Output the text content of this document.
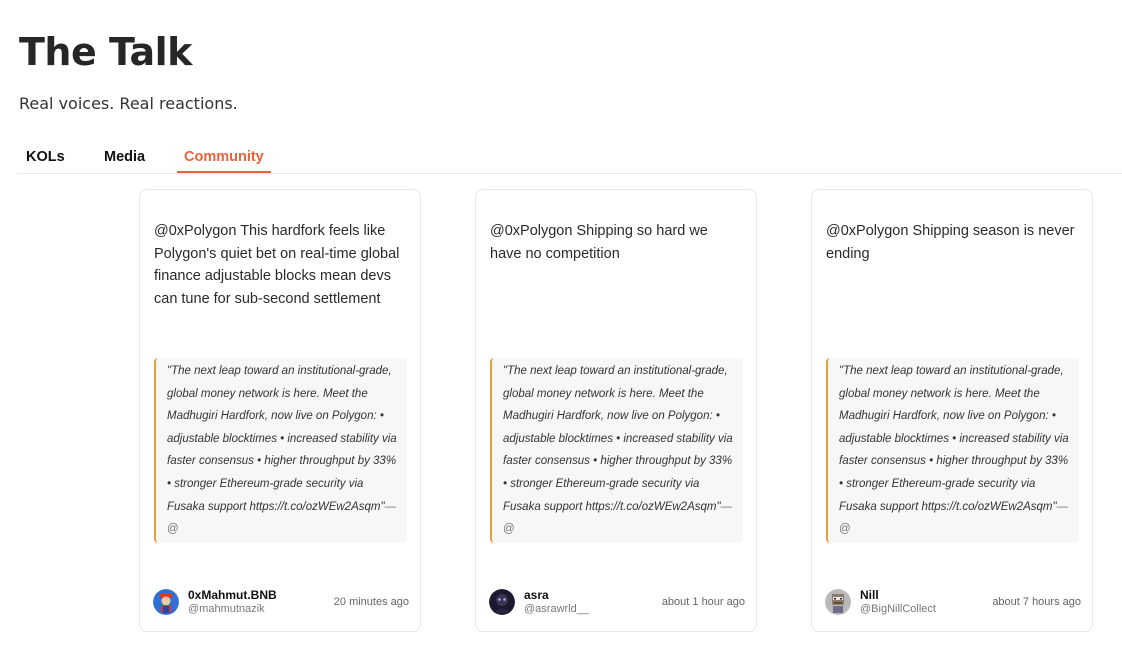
The Talk

Real voices. Real reactions.

KOLs	Media	Community
@0xPolygon This hardfork feels like Polygon's quiet bet on real-time global finance adjustable blocks mean devs can tune for sub-second settlement
"The next leap toward an institutional-grade, global money network is here. Meet the Madhugiri Hardfork, now live on Polygon: • adjustable blocktimes • increased stability via faster consensus • higher throughput by 33% • stronger Ethereum-grade security via Fusaka support https://t.co/ozWEw2Asqm"— @
0xMahmut.BNB
@mahmutnazik
20 minutes ago
@0xPolygon Shipping so hard we have no competition
"The next leap toward an institutional-grade, global money network is here. Meet the Madhugiri Hardfork, now live on Polygon: • adjustable blocktimes • increased stability via faster consensus • higher throughput by 33% • stronger Ethereum-grade security via Fusaka support https://t.co/ozWEw2Asqm"— @
asra
@asrawrld__
about 1 hour ago
@0xPolygon Shipping season is never ending
"The next leap toward an institutional-grade, global money network is here. Meet the Madhugiri Hardfork, now live on Polygon: • adjustable blocktimes • increased stability via faster consensus • higher throughput by 33% • stronger Ethereum-grade security via Fusaka support https://t.co/ozWEw2Asqm"— @
Nill
@BigNillCollect
about 7 hours ago
